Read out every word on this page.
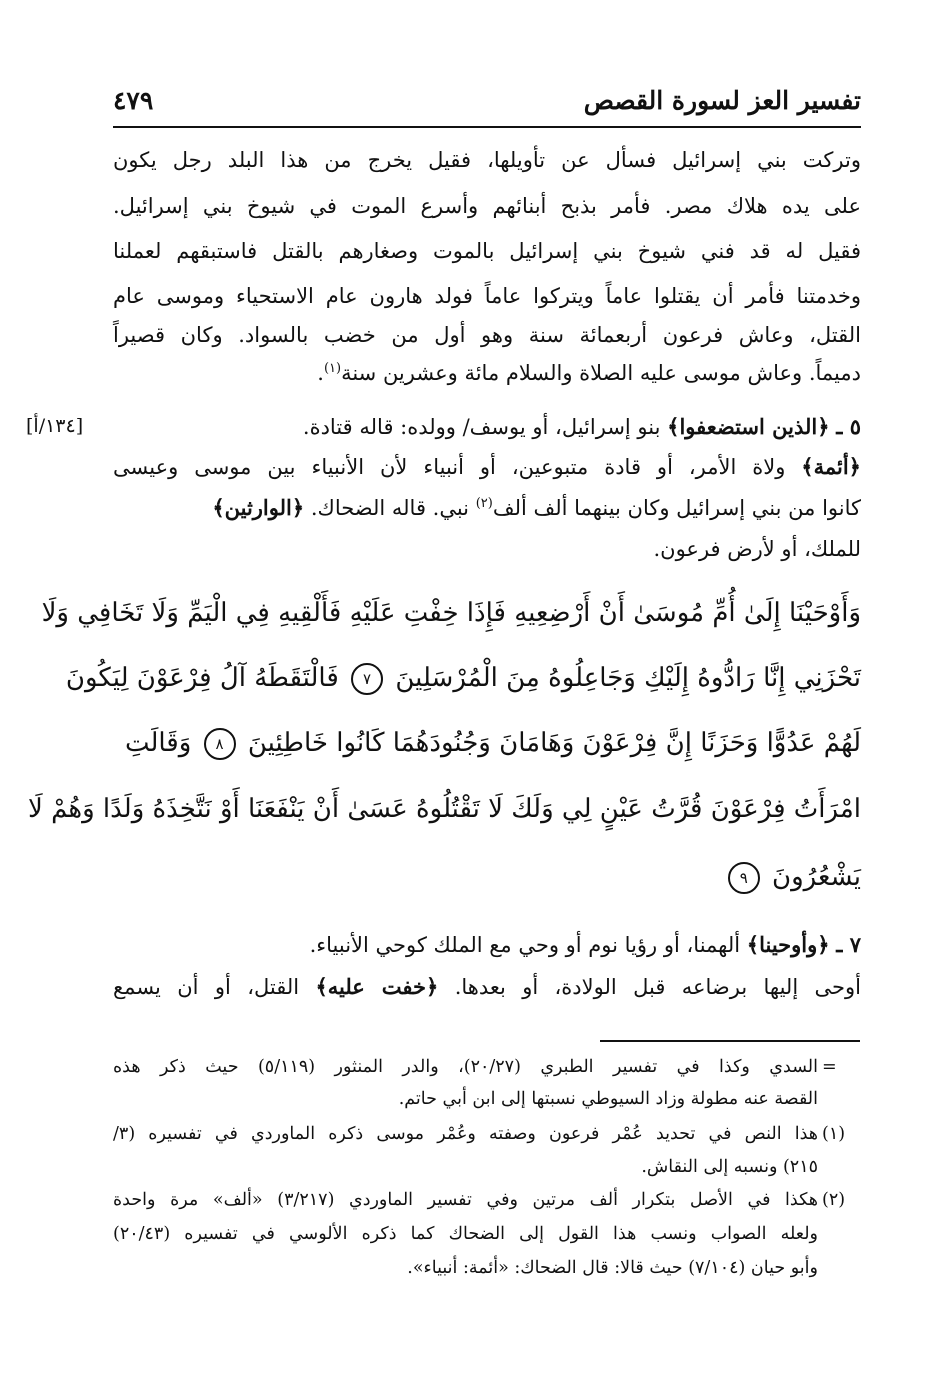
تفسير العز لسورة القصص
٤٧٩
وتركت بني إسرائيل فسأل عن تأويلها، فقيل يخرج من هذا البلد رجل يكون
على يده هلاك مصر. فأمر بذبح أبنائهم وأسرع الموت في شيوخ بني إسرائيل.
فقيل له قد فني شيوخ بني إسرائيل بالموت وصغارهم بالقتل فاستبقهم لعملنا
وخدمتنا فأمر أن يقتلوا عاماً ويتركوا عاماً فولد هارون عام الاستحياء وموسى عام
القتل، وعاش فرعون أربعمائة سنة وهو أول من خضب بالسواد. وكان قصيراً
دميماً. وعاش موسى عليه الصلاة والسلام مائة وعشرين سنة$^{(١)}$.
[١٣٤/أ]	٥ ـ ﴿الذين استضعفوا﴾ بنو إسرائيل، أو يوسف/ وولده: قاله قتادة.
﴿أئمة﴾ ولاة الأمر، أو قادة متبوعين، أو أنبياء لأن الأنبياء بين موسى وعيسى
كانوا من بني إسرائيل وكان بينهما ألف ألف$^{(٢)}$ نبي. قاله الضحاك. ﴿الوارثين﴾
للملك، أو لأرض فرعون.
وَأَوْحَيْنَا إِلَىٰ أُمِّ مُوسَىٰ أَنْ أَرْضِعِيهِ فَإِذَا خِفْتِ عَلَيْهِ فَأَلْقِيهِ فِي الْيَمِّ وَلَا تَخَافِي وَلَا
تَحْزَنِي إِنَّا رَادُّوهُ إِلَيْكِ وَجَاعِلُوهُ مِنَ الْمُرْسَلِينَ ٧ فَالْتَقَطَهُ آلُ فِرْعَوْنَ لِيَكُونَ
لَهُمْ عَدُوًّا وَحَزَنًا إِنَّ فِرْعَوْنَ وَهَامَانَ وَجُنُودَهُمَا كَانُوا خَاطِئِينَ ٨ وَقَالَتِ
امْرَأَتُ فِرْعَوْنَ قُرَّتُ عَيْنٍ لِي وَلَكَ لَا تَقْتُلُوهُ عَسَىٰ أَنْ يَنْفَعَنَا أَوْ نَتَّخِذَهُ وَلَدًا وَهُمْ لَا
يَشْعُرُونَ ٩
٧ ـ ﴿وأوحينا﴾ ألهمنا، أو رؤيا نوم أو وحي مع الملك كوحي الأنبياء.
أوحى إليها برضاعه قبل الولادة، أو بعدها. ﴿خفت عليه﴾ القتل، أو أن يسمع
=
السدي وكذا في تفسير الطبري (٢٠/٢٧)، والدر المنثور (٥/١١٩) حيث ذكر هذه
القصة عنه مطولة وزاد السيوطي نسبتها إلى ابن أبي حاتم.
(١)
هذا النص في تحديد عُمْر فرعون وصفته وعُمْر موسى ذكره الماوردي في تفسيره (٣/
٢١٥) ونسبه إلى النقاش.
(٢)
هكذا في الأصل بتكرار ألف مرتين وفي تفسير الماوردي (٣/٢١٧) «ألف» مرة واحدة
ولعله الصواب ونسب هذا القول إلى الضحاك كما ذكره الألوسي في تفسيره (٢٠/٤٣)
وأبو حيان (٧/١٠٤) حيث قالا: قال الضحاك: «أئمة: أنبياء».
